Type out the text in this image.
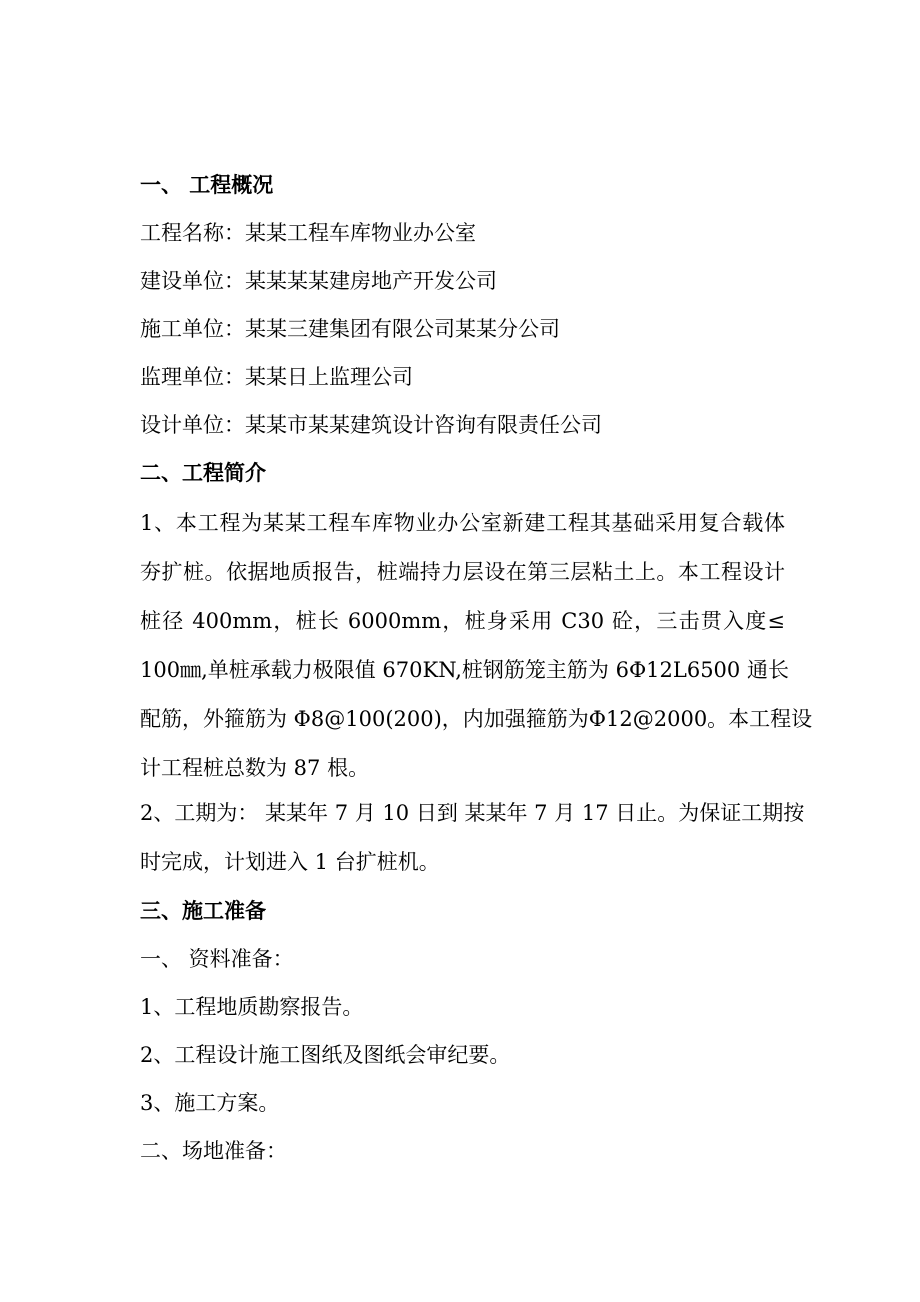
一、 工程概况
工程名称：某某工程车库物业办公室
建设单位：某某某某建房地产开发公司
施工单位：某某三建集团有限公司某某分公司
监理单位：某某日上监理公司
设计单位：某某市某某建筑设计咨询有限责任公司
二、工程简介
1、本工程为某某工程车库物业办公室新建工程其基础采用复合载体
夯扩桩。依据地质报告，桩端持力层设在第三层粘土上。本工程设计
桩径 400mm，桩长 6000mm，桩身采用 C30 砼，三击贯入度≤
100㎜,单桩承载力极限值 670KN,桩钢筋笼主筋为 6Φ12L6500 通长
配筋，外箍筋为 Φ8@100(200)，内加强箍筋为Φ12@2000。本工程设
计工程桩总数为 87 根。
2、工期为： 某某年 7 月 10 日到 某某年 7 月 17 日止。为保证工期按
时完成，计划进入 1 台扩桩机。
三、施工准备
一、 资料准备：
1、工程地质勘察报告。
2、工程设计施工图纸及图纸会审纪要。
3、施工方案。
二、场地准备：
